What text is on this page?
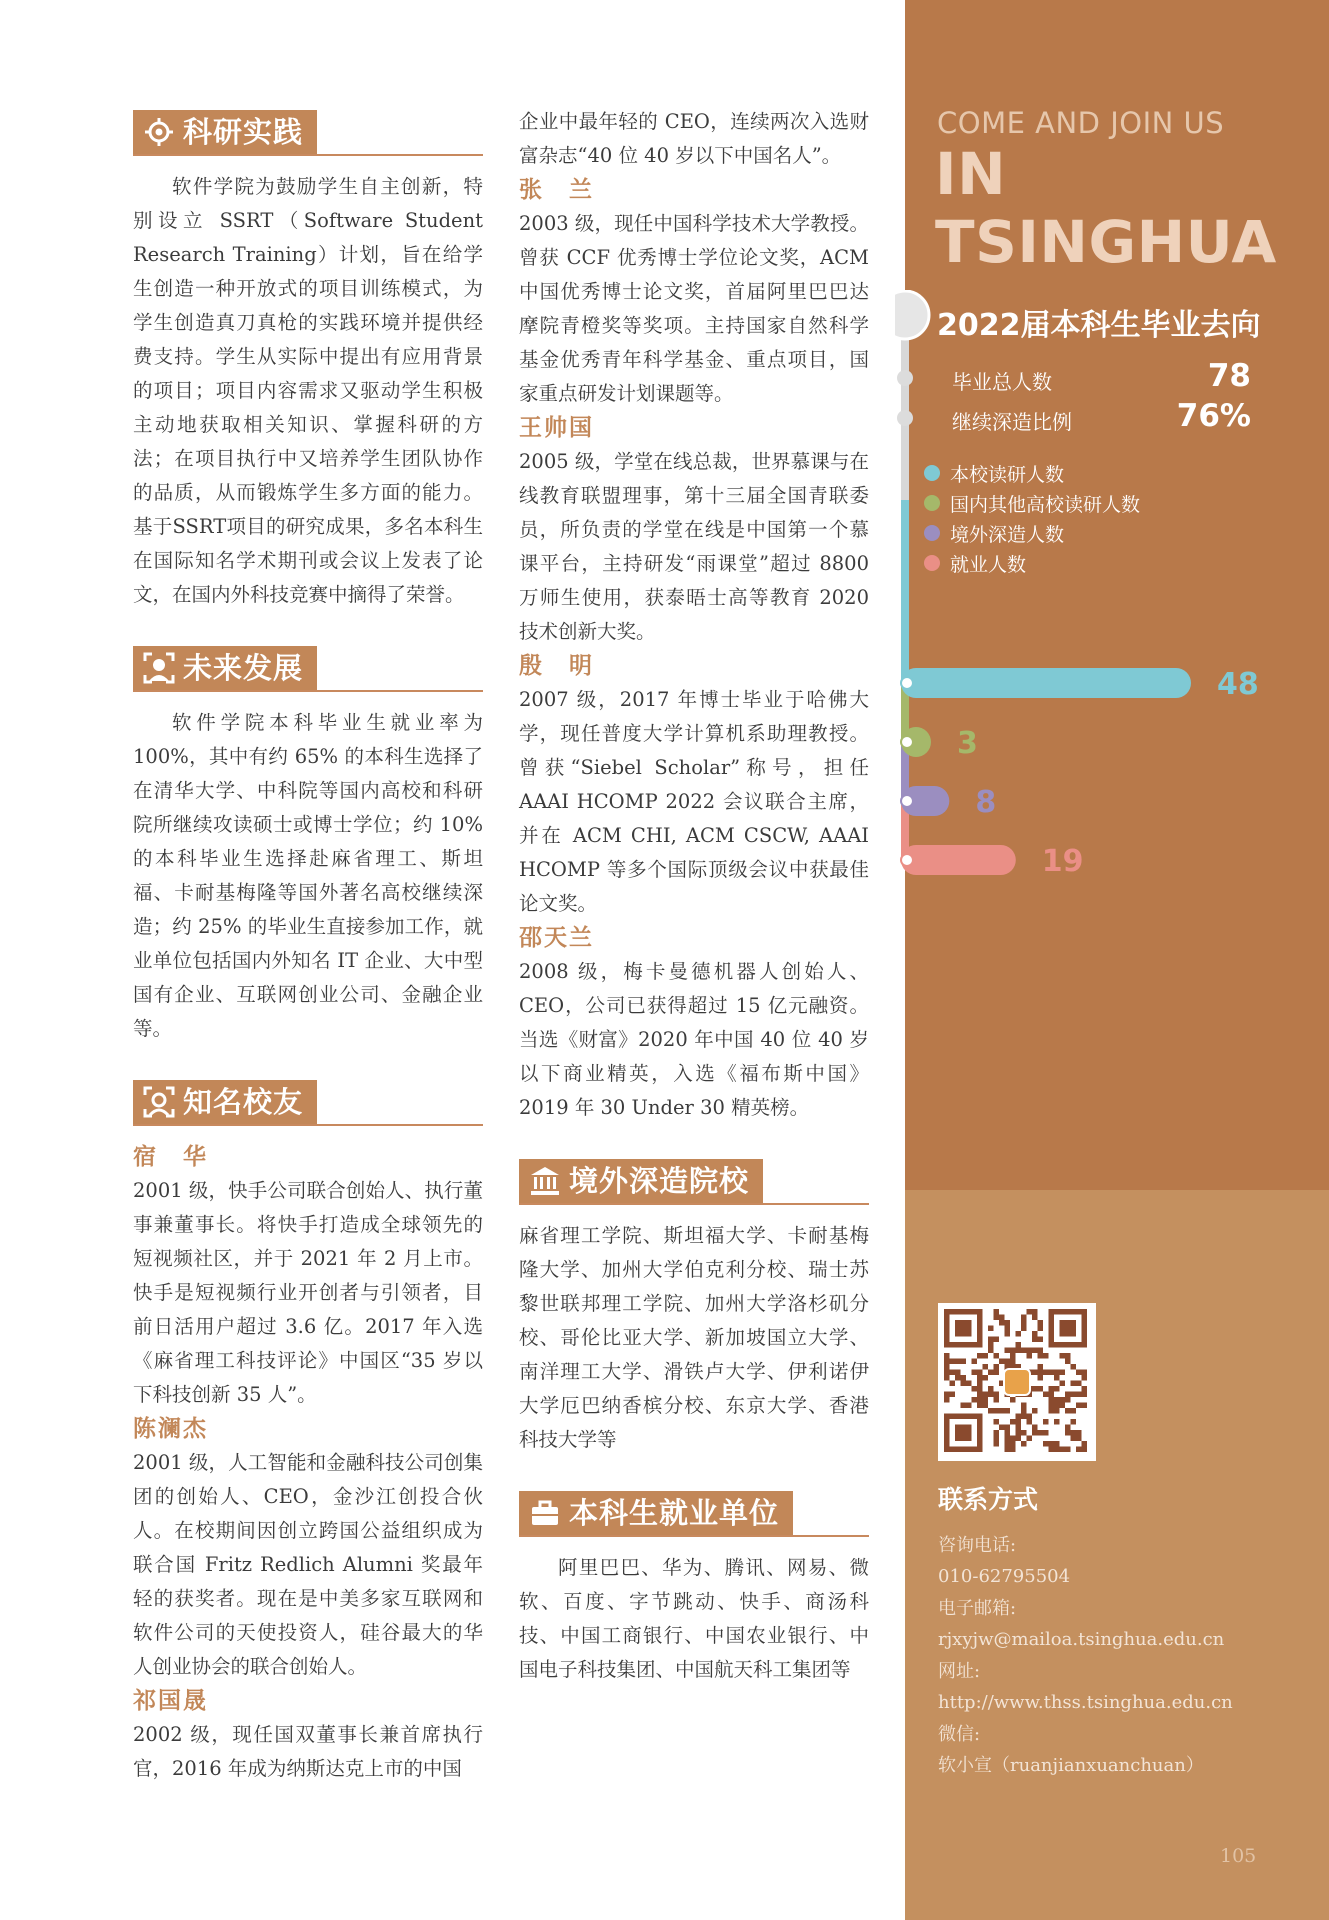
科研实践

软件学院为鼓励学生自主创新，特别设立 SSRT（Software Student Research Training）计划，旨在给学生创造一种开放式的项目训练模式，为学生创造真刀真枪的实践环境并提供经费支持。学生从实际中提出有应用背景的项目；项目内容需求又驱动学生积极主动地获取相关知识、掌握科研的方法；在项目执行中又培养学生团队协作的品质，从而锻炼学生多方面的能力。基于SSRT项目的研究成果，多名本科生在国际知名学术期刊或会议上发表了论文，在国内外科技竞赛中摘得了荣誉。

未来发展

软件学院本科毕业生就业率为100%，其中有约 65% 的本科生选择了在清华大学、中科院等国内高校和科研院所继续攻读硕士或博士学位；约 10% 的本科毕业生选择赴麻省理工、斯坦福、卡耐基梅隆等国外著名高校继续深造；约 25% 的毕业生直接参加工作，就业单位包括国内外知名 IT 企业、大中型国有企业、互联网创业公司、金融企业等。

知名校友
宿　华

2001 级，快手公司联合创始人、执行董事兼董事长。将快手打造成全球领先的短视频社区，并于 2021 年 2 月上市。快手是短视频行业开创者与引领者，目前日活用户超过 3.6 亿。2017 年入选《麻省理工科技评论》中国区“35 岁以下科技创新 35 人”。

陈澜杰

2001 级，人工智能和金融科技公司创集团的创始人、CEO，金沙江创投合伙人。在校期间因创立跨国公益组织成为联合国 Fritz Redlich Alumni 奖最年轻的获奖者。现在是中美多家互联网和软件公司的天使投资人，硅谷最大的华人创业协会的联合创始人。

祁国晟

2002 级，现任国双董事长兼首席执行官，2016 年成为纳斯达克上市的中国

企业中最年轻的 CEO，连续两次入选财富杂志“40 位 40 岁以下中国名人”。

张　兰

2003 级，现任中国科学技术大学教授。曾获 CCF 优秀博士学位论文奖，ACM 中国优秀博士论文奖，首届阿里巴巴达摩院青橙奖等奖项。主持国家自然科学基金优秀青年科学基金、重点项目，国家重点研发计划课题等。

王帅国

2005 级，学堂在线总裁，世界慕课与在线教育联盟理事，第十三届全国青联委员，所负责的学堂在线是中国第一个慕课平台，主持研发“雨课堂”超过 8800 万师生使用，获泰晤士高等教育 2020 技术创新大奖。

殷　明

2007 级，2017 年博士毕业于哈佛大学，现任普度大学计算机系助理教授。曾获“Siebel Scholar”称号，担任 AAAI HCOMP 2022 会议联合主席，并在 ACM CHI, ACM CSCW, AAAI HCOMP 等多个国际顶级会议中获最佳论文奖。

邵天兰

2008 级，梅卡曼德机器人创始人、CEO，公司已获得超过 15 亿元融资。当选《财富》2020 年中国 40 位 40 岁以下商业精英，入选《福布斯中国》2019 年 30 Under 30 精英榜。

境外深造院校

麻省理工学院、斯坦福大学、卡耐基梅隆大学、加州大学伯克利分校、瑞士苏黎世联邦理工学院、加州大学洛杉矶分校、哥伦比亚大学、新加坡国立大学、南洋理工大学、滑铁卢大学、伊利诺伊大学厄巴纳香槟分校、东京大学、香港科技大学等

本科生就业单位

阿里巴巴、华为、腾讯、网易、微软、百度、字节跳动、快手、商汤科技、中国工商银行、中国农业银行、中国电子科技集团、中国航天科工集团等

COME AND JOIN US
IN TSINGHUA
2022届本科生毕业去向
毕业总人数	78
继续深造比例	76%
本校读研人数
国内其他高校读研人数
境外深造人数
就业人数
48
3
8
19
联系方式
咨询电话:
010-62795504
电子邮箱:
rjxyjw@mailoa.tsinghua.edu.cn
网址:
http://www.thss.tsinghua.edu.cn
微信:
软小宣（ruanjianxuanchuan）
105
